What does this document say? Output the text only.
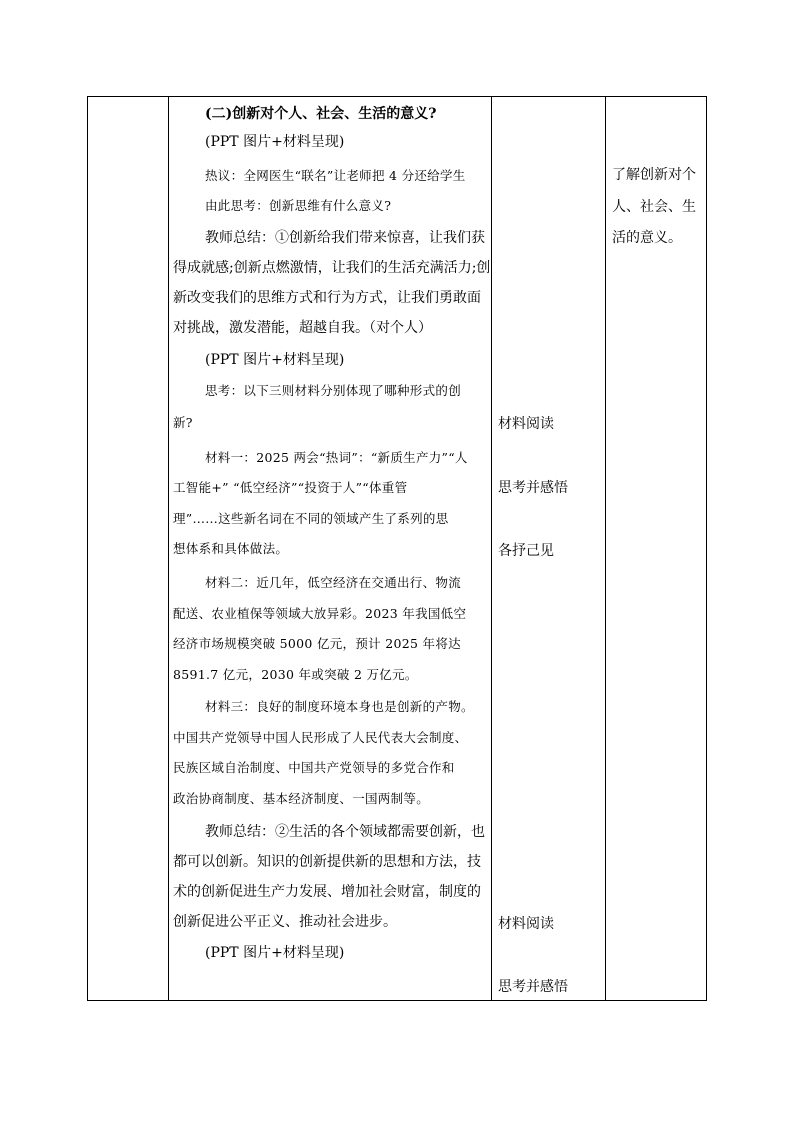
(二)创新对个人、社会、生活的意义?
(PPT 图片+材料呈现)
热议：全网医生“联名”让老师把 4 分还给学生
由此思考：创新思维有什么意义?
教师总结：①创新给我们带来惊喜，让我们获
得成就感;创新点燃激情，让我们的生活充满活力;创
新改变我们的思维方式和行为方式，让我们勇敢面
对挑战，激发潜能，超越自我。（对个人）
(PPT 图片+材料呈现)
思考：以下三则材料分别体现了哪种形式的创
新?
材料一：2025 两会“热词”：“新质生产力”“人
工智能+” “低空经济”“投资于人”“体重管
理”……这些新名词在不同的领域产生了系列的思
想体系和具体做法。
材料二：近几年，低空经济在交通出行、物流
配送、农业植保等领域大放异彩。2023 年我国低空
经济市场规模突破 5000 亿元，预计 2025 年将达
8591.7 亿元，2030 年或突破 2 万亿元。
材料三：良好的制度环境本身也是创新的产物。
中国共产党领导中国人民形成了人民代表大会制度、
民族区域自治制度、中国共产党领导的多党合作和
政治协商制度、基本经济制度、一国两制等。
教师总结：②生活的各个领域都需要创新，也
都可以创新。知识的创新提供新的思想和方法，技
术的创新促进生产力发展、增加社会财富，制度的
创新促进公平正义、推动社会进步。
(PPT 图片+材料呈现)
材料阅读
思考并感悟
各抒己见
材料阅读
思考并感悟
了解创新对个
人、社会、生
活的意义。
